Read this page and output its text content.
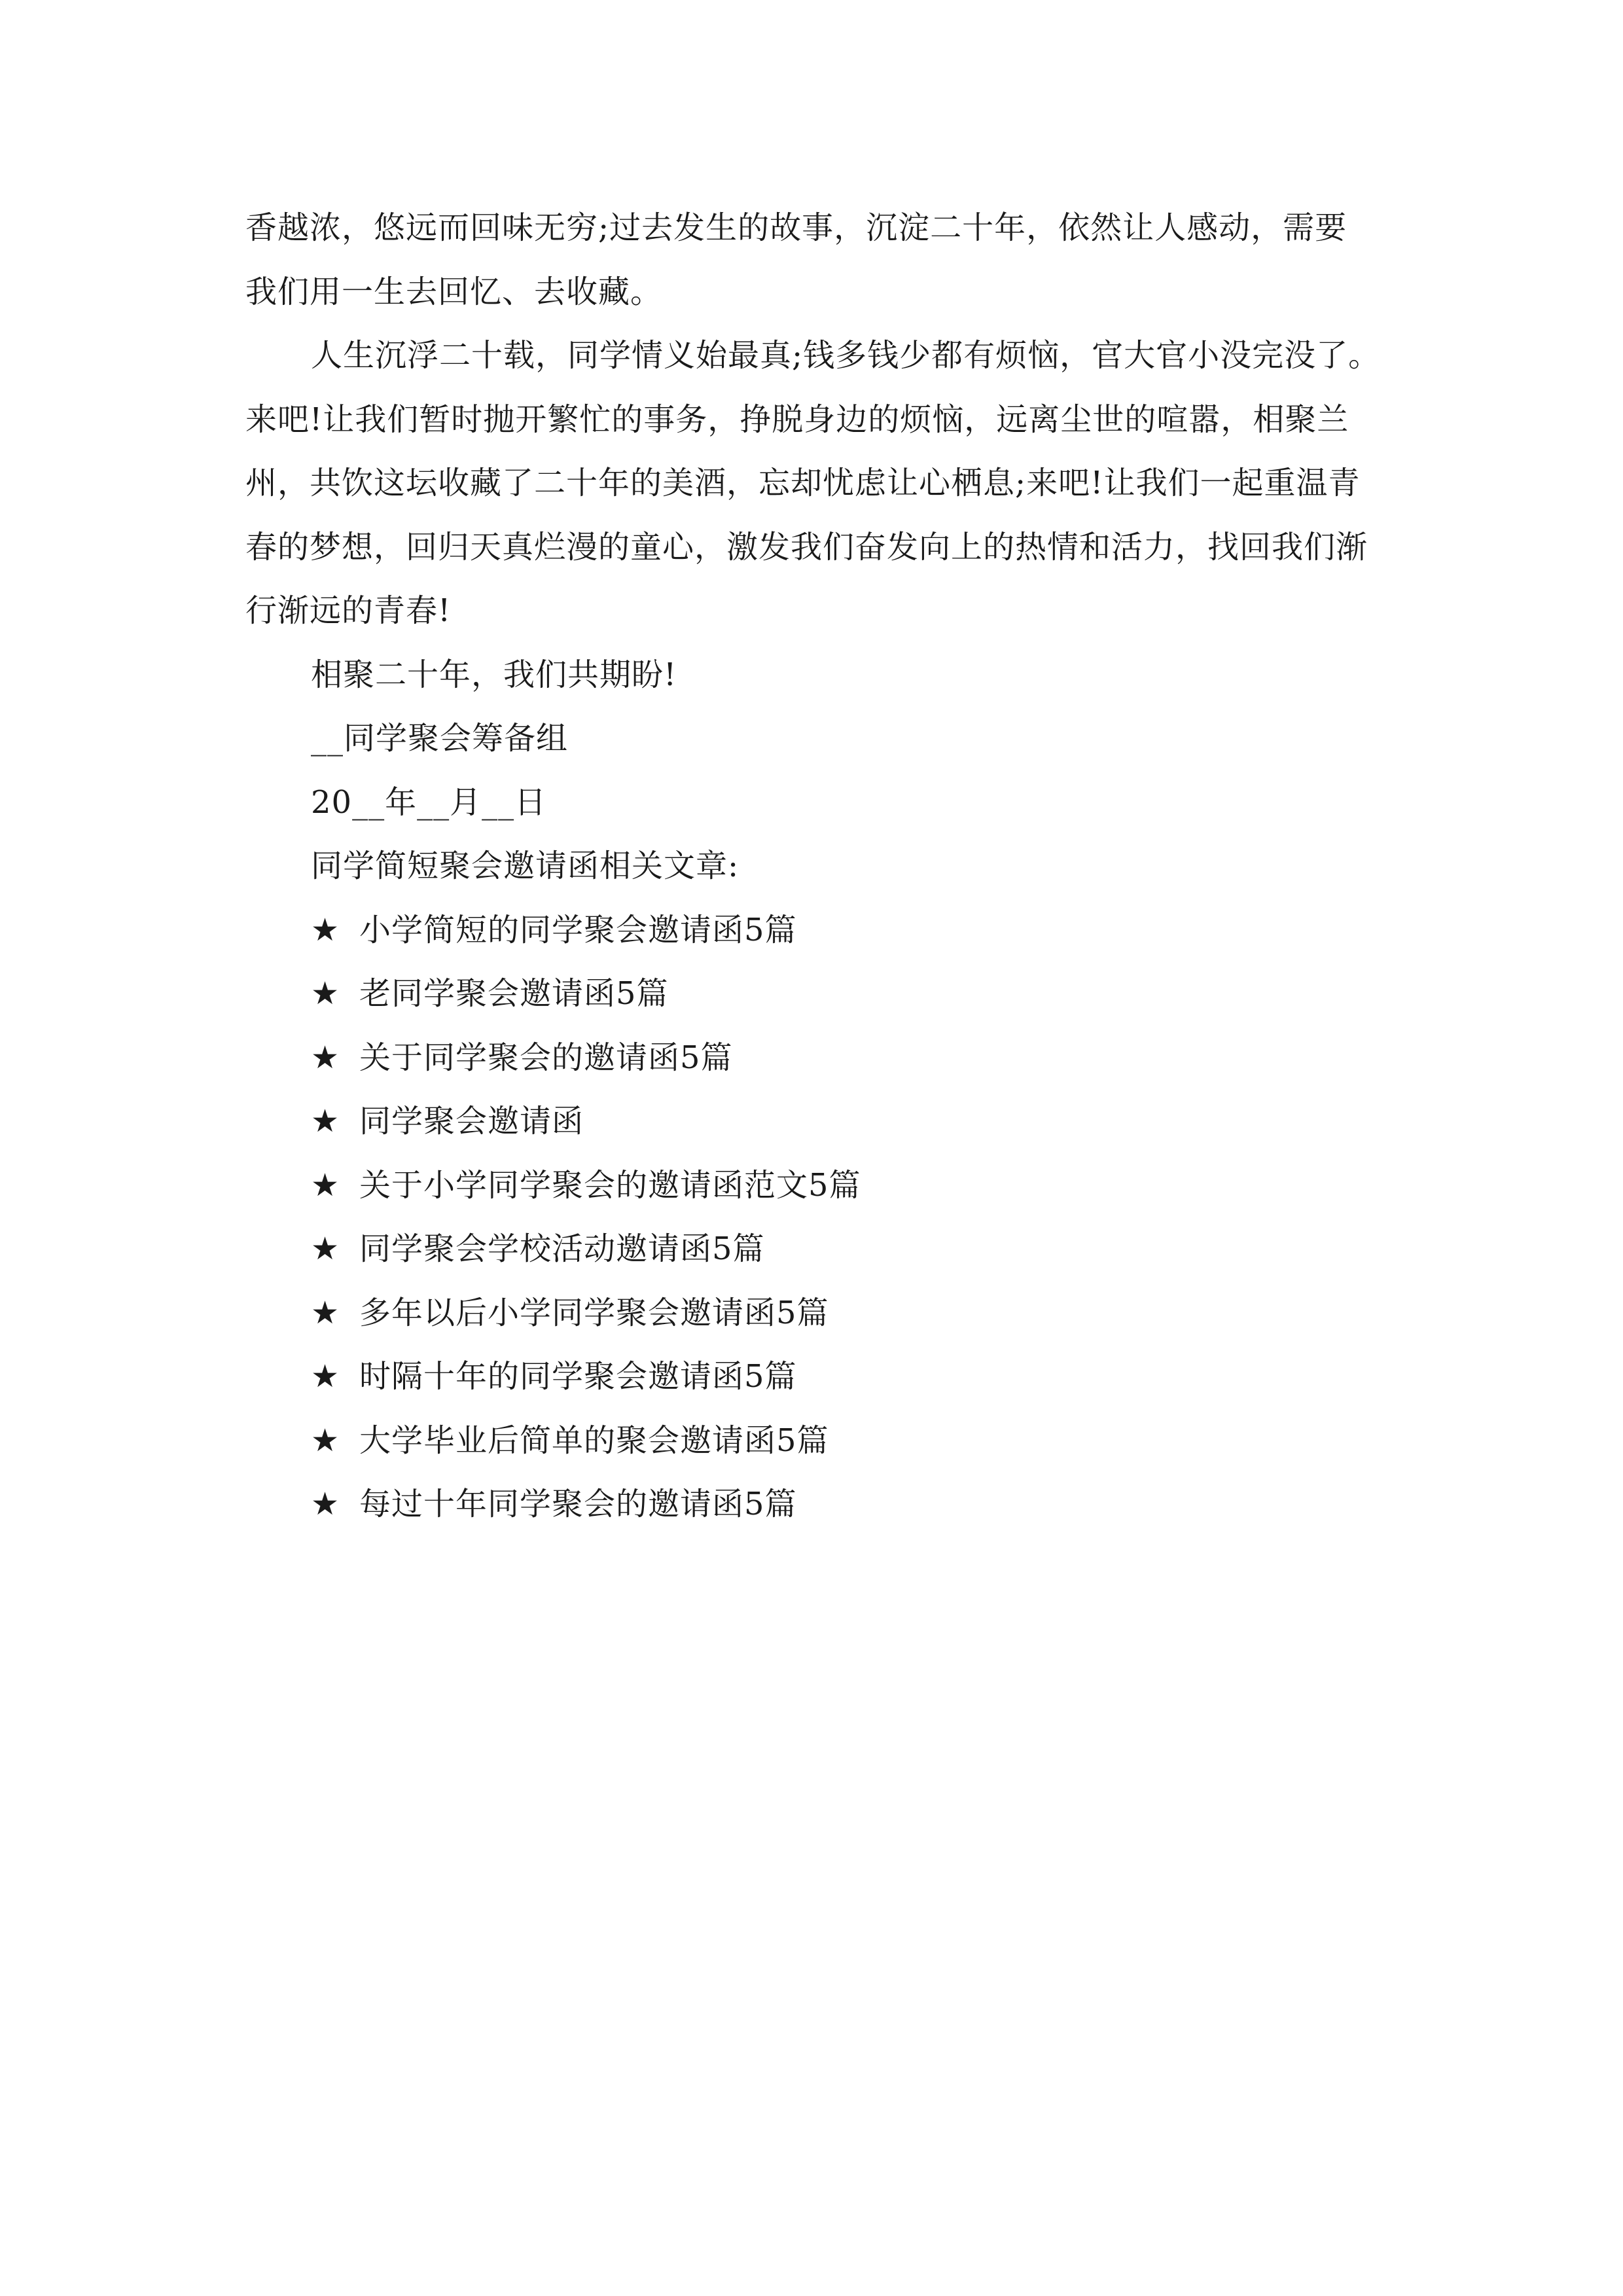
香越浓，悠远而回味无穷;过去发生的故事，沉淀二十年，依然让人感动，需要
我们用一生去回忆、去收藏。
人生沉浮二十载，同学情义始最真;钱多钱少都有烦恼，官大官小没完没了。
来吧!让我们暂时抛开繁忙的事务，挣脱身边的烦恼，远离尘世的喧嚣，相聚兰
州，共饮这坛收藏了二十年的美酒，忘却忧虑让心栖息;来吧!让我们一起重温青
春的梦想，回归天真烂漫的童心，激发我们奋发向上的热情和活力，找回我们渐
行渐远的青春!
相聚二十年，我们共期盼!
__同学聚会筹备组
20__年__月__日
同学简短聚会邀请函相关文章:
★ 小学简短的同学聚会邀请函5篇
★ 老同学聚会邀请函5篇
★ 关于同学聚会的邀请函5篇
★ 同学聚会邀请函
★ 关于小学同学聚会的邀请函范文5篇
★ 同学聚会学校活动邀请函5篇
★ 多年以后小学同学聚会邀请函5篇
★ 时隔十年的同学聚会邀请函5篇
★ 大学毕业后简单的聚会邀请函5篇
★ 每过十年同学聚会的邀请函5篇
